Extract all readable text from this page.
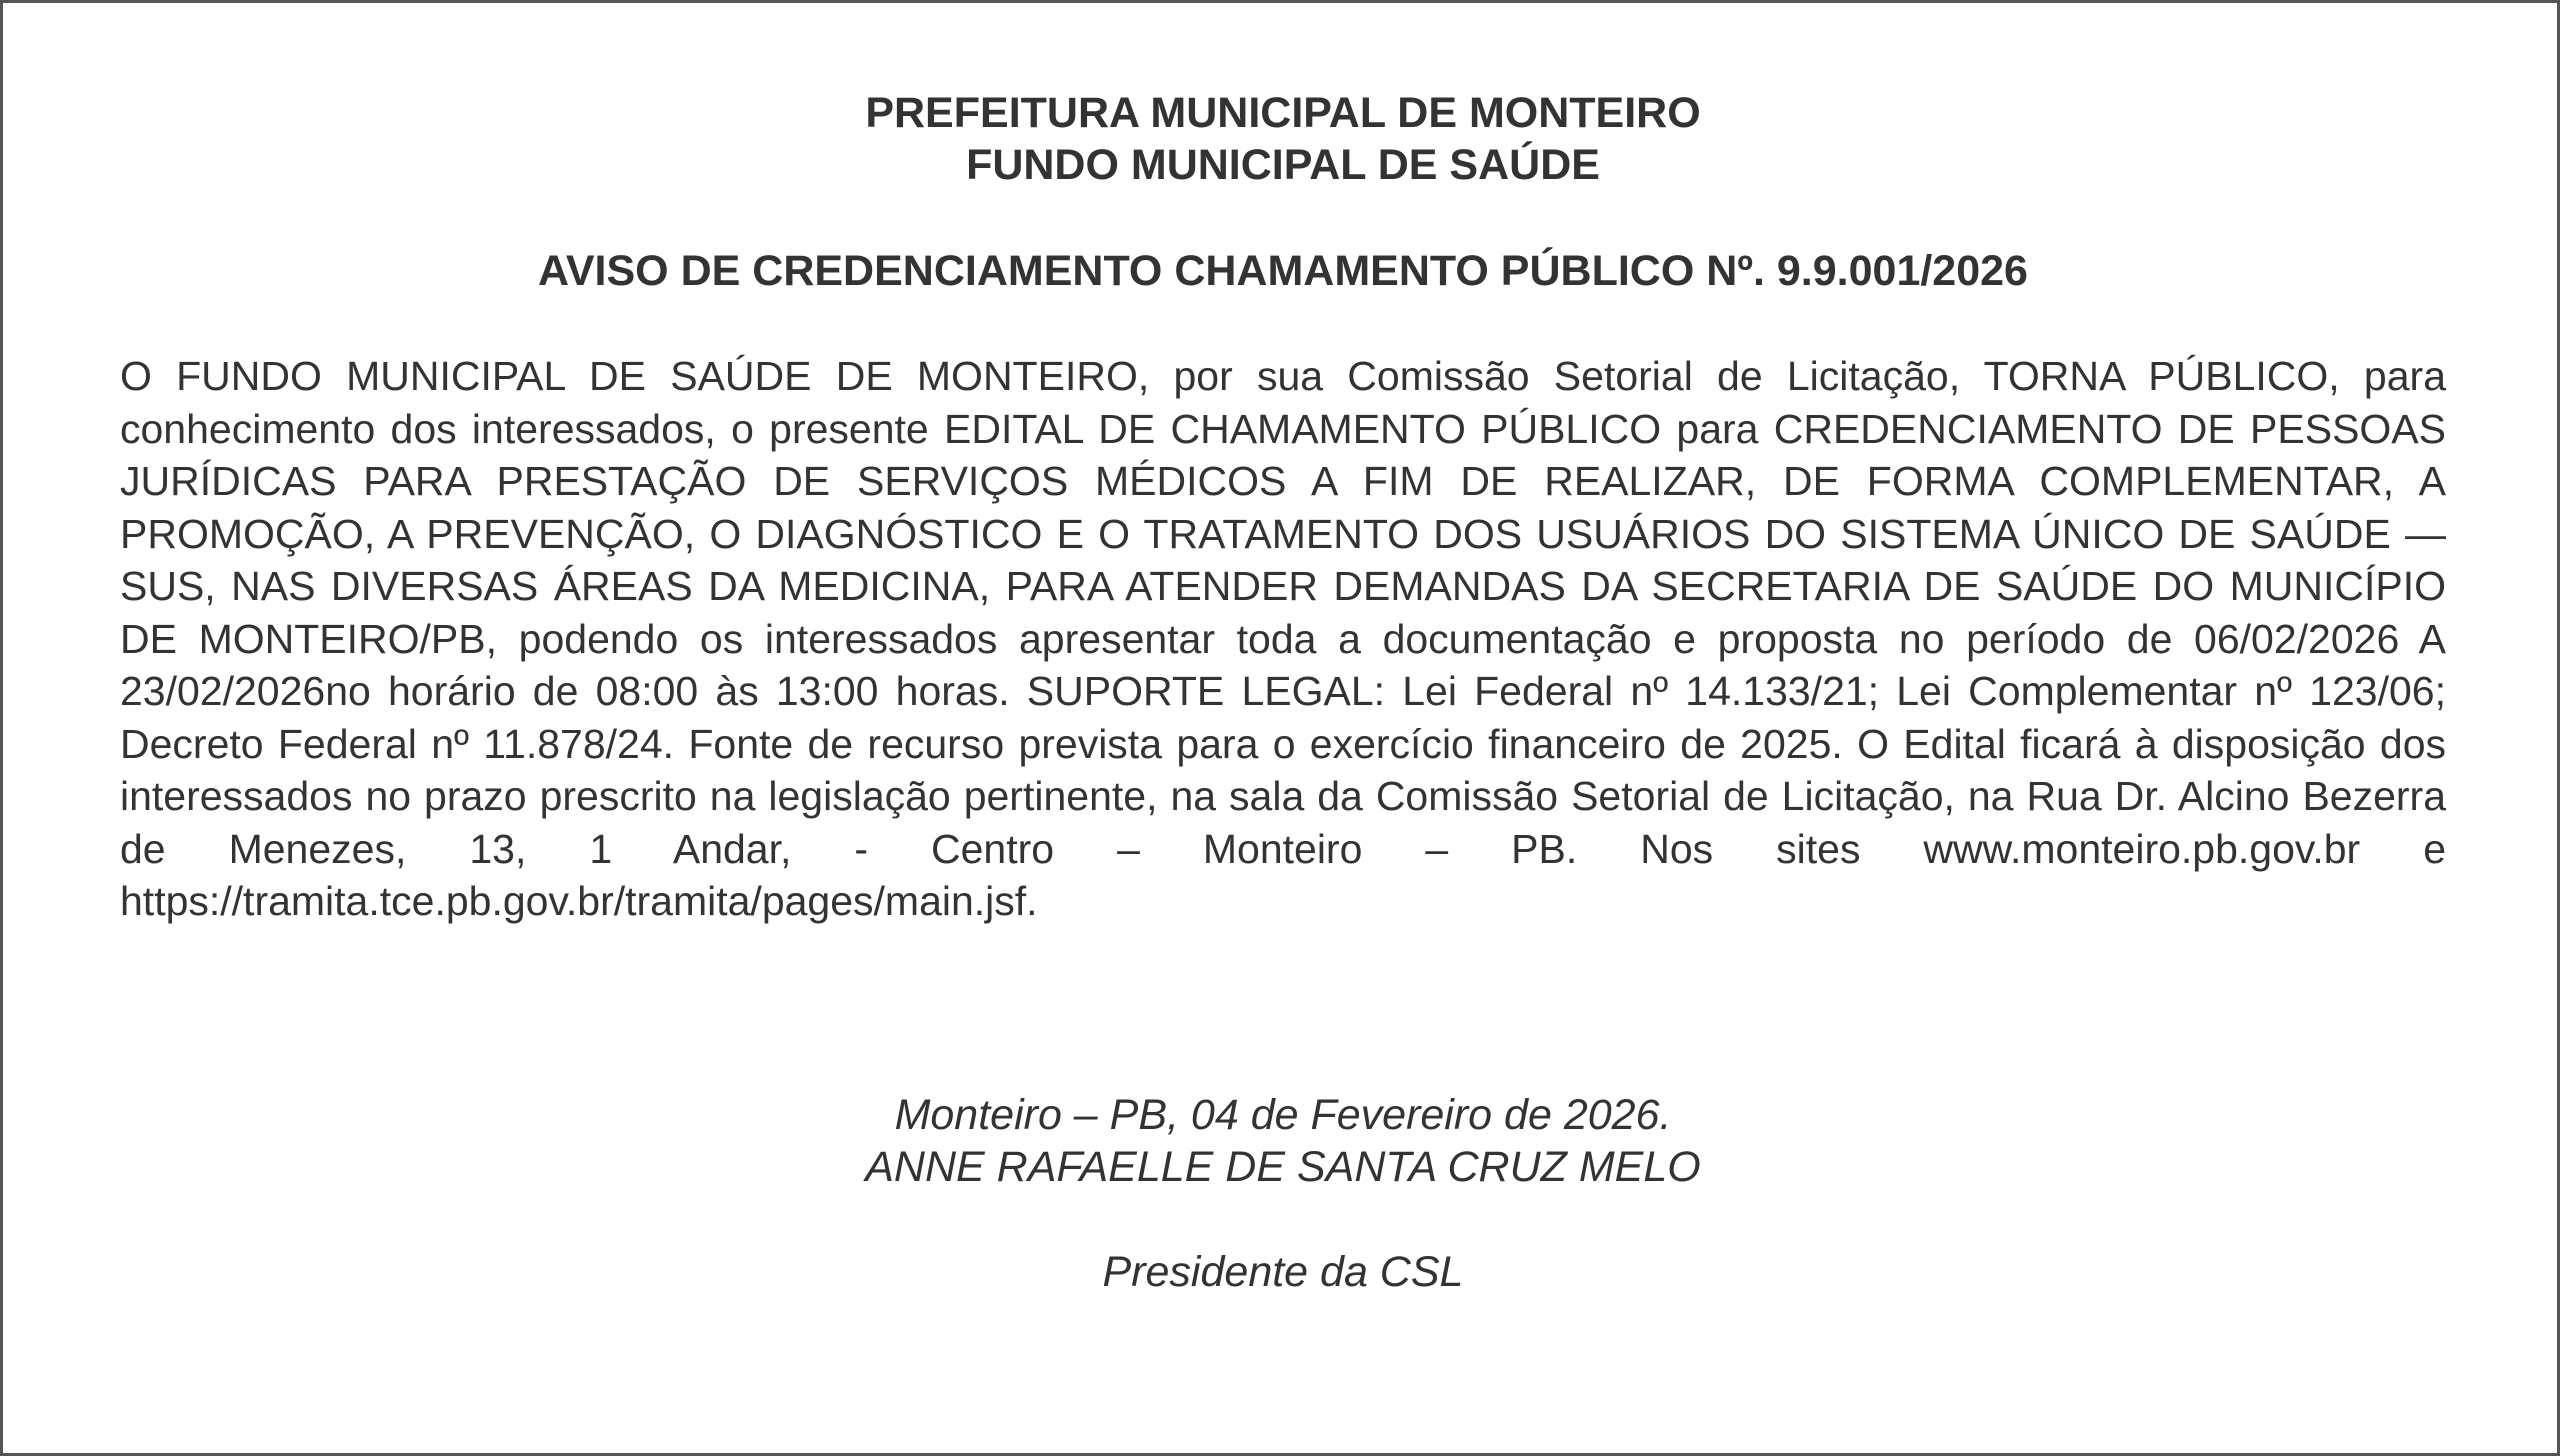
PREFEITURA MUNICIPAL DE MONTEIRO
FUNDO MUNICIPAL DE SAÚDE
AVISO DE CREDENCIAMENTO CHAMAMENTO PÚBLICO Nº. 9.9.001/2026
O FUNDO MUNICIPAL DE SAÚDE DE MONTEIRO, por sua Comissão Setorial de Licitação, TORNA PÚBLICO, para conhecimento dos interessados, o presente EDITAL DE CHAMAMENTO PÚBLICO para CREDENCIAMENTO DE PESSOAS JURÍDICAS PARA PRESTAÇÃO DE SERVIÇOS MÉDICOS A FIM DE REALIZAR, DE FORMA COMPLEMENTAR, A PROMOÇÃO, A PREVENÇÃO, O DIAGNÓSTICO E O TRATAMENTO DOS USUÁRIOS DO SISTEMA ÚNICO DE SAÚDE — SUS, NAS DIVERSAS ÁREAS DA MEDICINA, PARA ATENDER DEMANDAS DA SECRETARIA DE SAÚDE DO MUNICÍPIO DE MONTEIRO/PB, podendo os interessados apresentar toda a documentação e proposta no período de 06/02/2026 A 23/02/2026no horário de 08:00 às 13:00 horas. SUPORTE LEGAL: Lei Federal nº 14.133/21; Lei Complementar nº 123/06; Decreto Federal nº 11.878/24. Fonte de recurso prevista para o exercício financeiro de 2025. O Edital ficará à disposição dos interessados no prazo prescrito na legislação pertinente, na sala da Comissão Setorial de Licitação, na Rua Dr. Alcino Bezerra de Menezes, 13, 1 Andar, - Centro – Monteiro – PB. Nos sites www.monteiro.pb.gov.br e https://tramita.tce.pb.gov.br/tramita/pages/main.jsf.
Monteiro – PB, 04 de Fevereiro de 2026.
ANNE RAFAELLE DE SANTA CRUZ MELO
Presidente da CSL
